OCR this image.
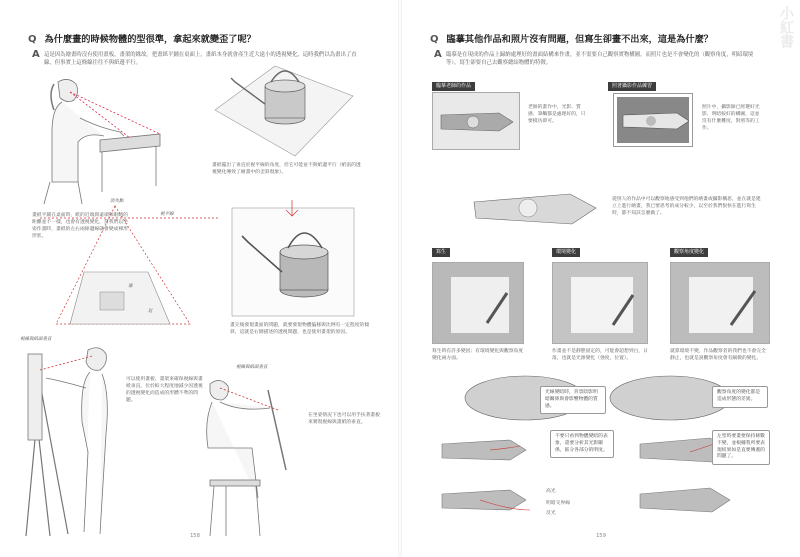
Q 為什麼畫的時候物體的型很準，拿起來就變歪了呢？
A 這是因為繪畫時沒有使用畫板，畫架的緣故。把畫紙平鋪在桌面上，畫紙本身就會產生近大遠小的透視變化，這時我們以為畫出了直線，但事實上這條線往往不與紙邊平行。
畫紙平鋪在桌面時，紙的近端與遠端和眼睛的距離並不一樣，也會有透視變化，當我們以坐姿作畫時，畫紙的左右兩條邊線就會變成梯形形狀。
畫紙擺出了垂直於視平線的角度，但它可能並不與紙邊平行（紙張的透視變化導致了繪畫中的歪斜現象）。
消失點
視平線
遠
近
畫完後發現畫面的問題，就要發現物體偏移與比例有一定程度的傾斜，這就是右側描述的透視問題，也是使用畫架的原因。
視線與紙面垂直
可以使用畫板、畫架來確保視線與畫紙垂直，位於較大程度地減少因透視的透視變化而造成的形體不準的問題。
視線與紙面垂直
在坐姿情況下也可以用手扶著畫板來實現視線與畫紙的垂直。
158
小紅書
Q 臨摹其他作品和照片沒有問題，但寫生卻畫不出來，這是為什麼？
A 臨摹是在現成的作品上歸納處理好的畫面結構來作畫，並不需要自己觀察實物構圖，而照片也是不會變化的（觀察角度，明暗環境等），寫生卻要自己去觀察總結物體的特徵。
臨摹老師的作品
老師的畫作中，光影、質感、筆觸都是處理好的，只要模仿即可。
照著攝影作品練習
照片中，攝影師已經選好光影、明暗較好的構圖，這並沒有什麼難度，對照等的工作。
從別人的作品中可以觀察地感受到他們的繪畫或攝影構思，並在就是建立上進行繪畫，我已要思考的成分較少，以至於我們很快在進行寫生時，都不知該怎麼做了。
寫生
寫生時有許多變因；有環境變化與觀察角度變化兩方面。
環境變化
作畫並不是靜態固定的，可能會超想到白，日落，也就是光源變化（強度，位置）。
觀察角度變化
就算環境不變，作品觀察者的我們也不會完全靜止，也就是說觀察角度會有細微的變化。
光線變暗時，背景陰影明暗關係與會影響物體的質感。
不要只看到物體變暗的表象，還要分析其光影關係，區分各部分的明度。
觀察角度的變化都是造成形態的差異。
左型時要畫要保持條數不變，並根據我所要表現結果如是直要傳遞的問題了。
高光
明暗交界線
反光
159
